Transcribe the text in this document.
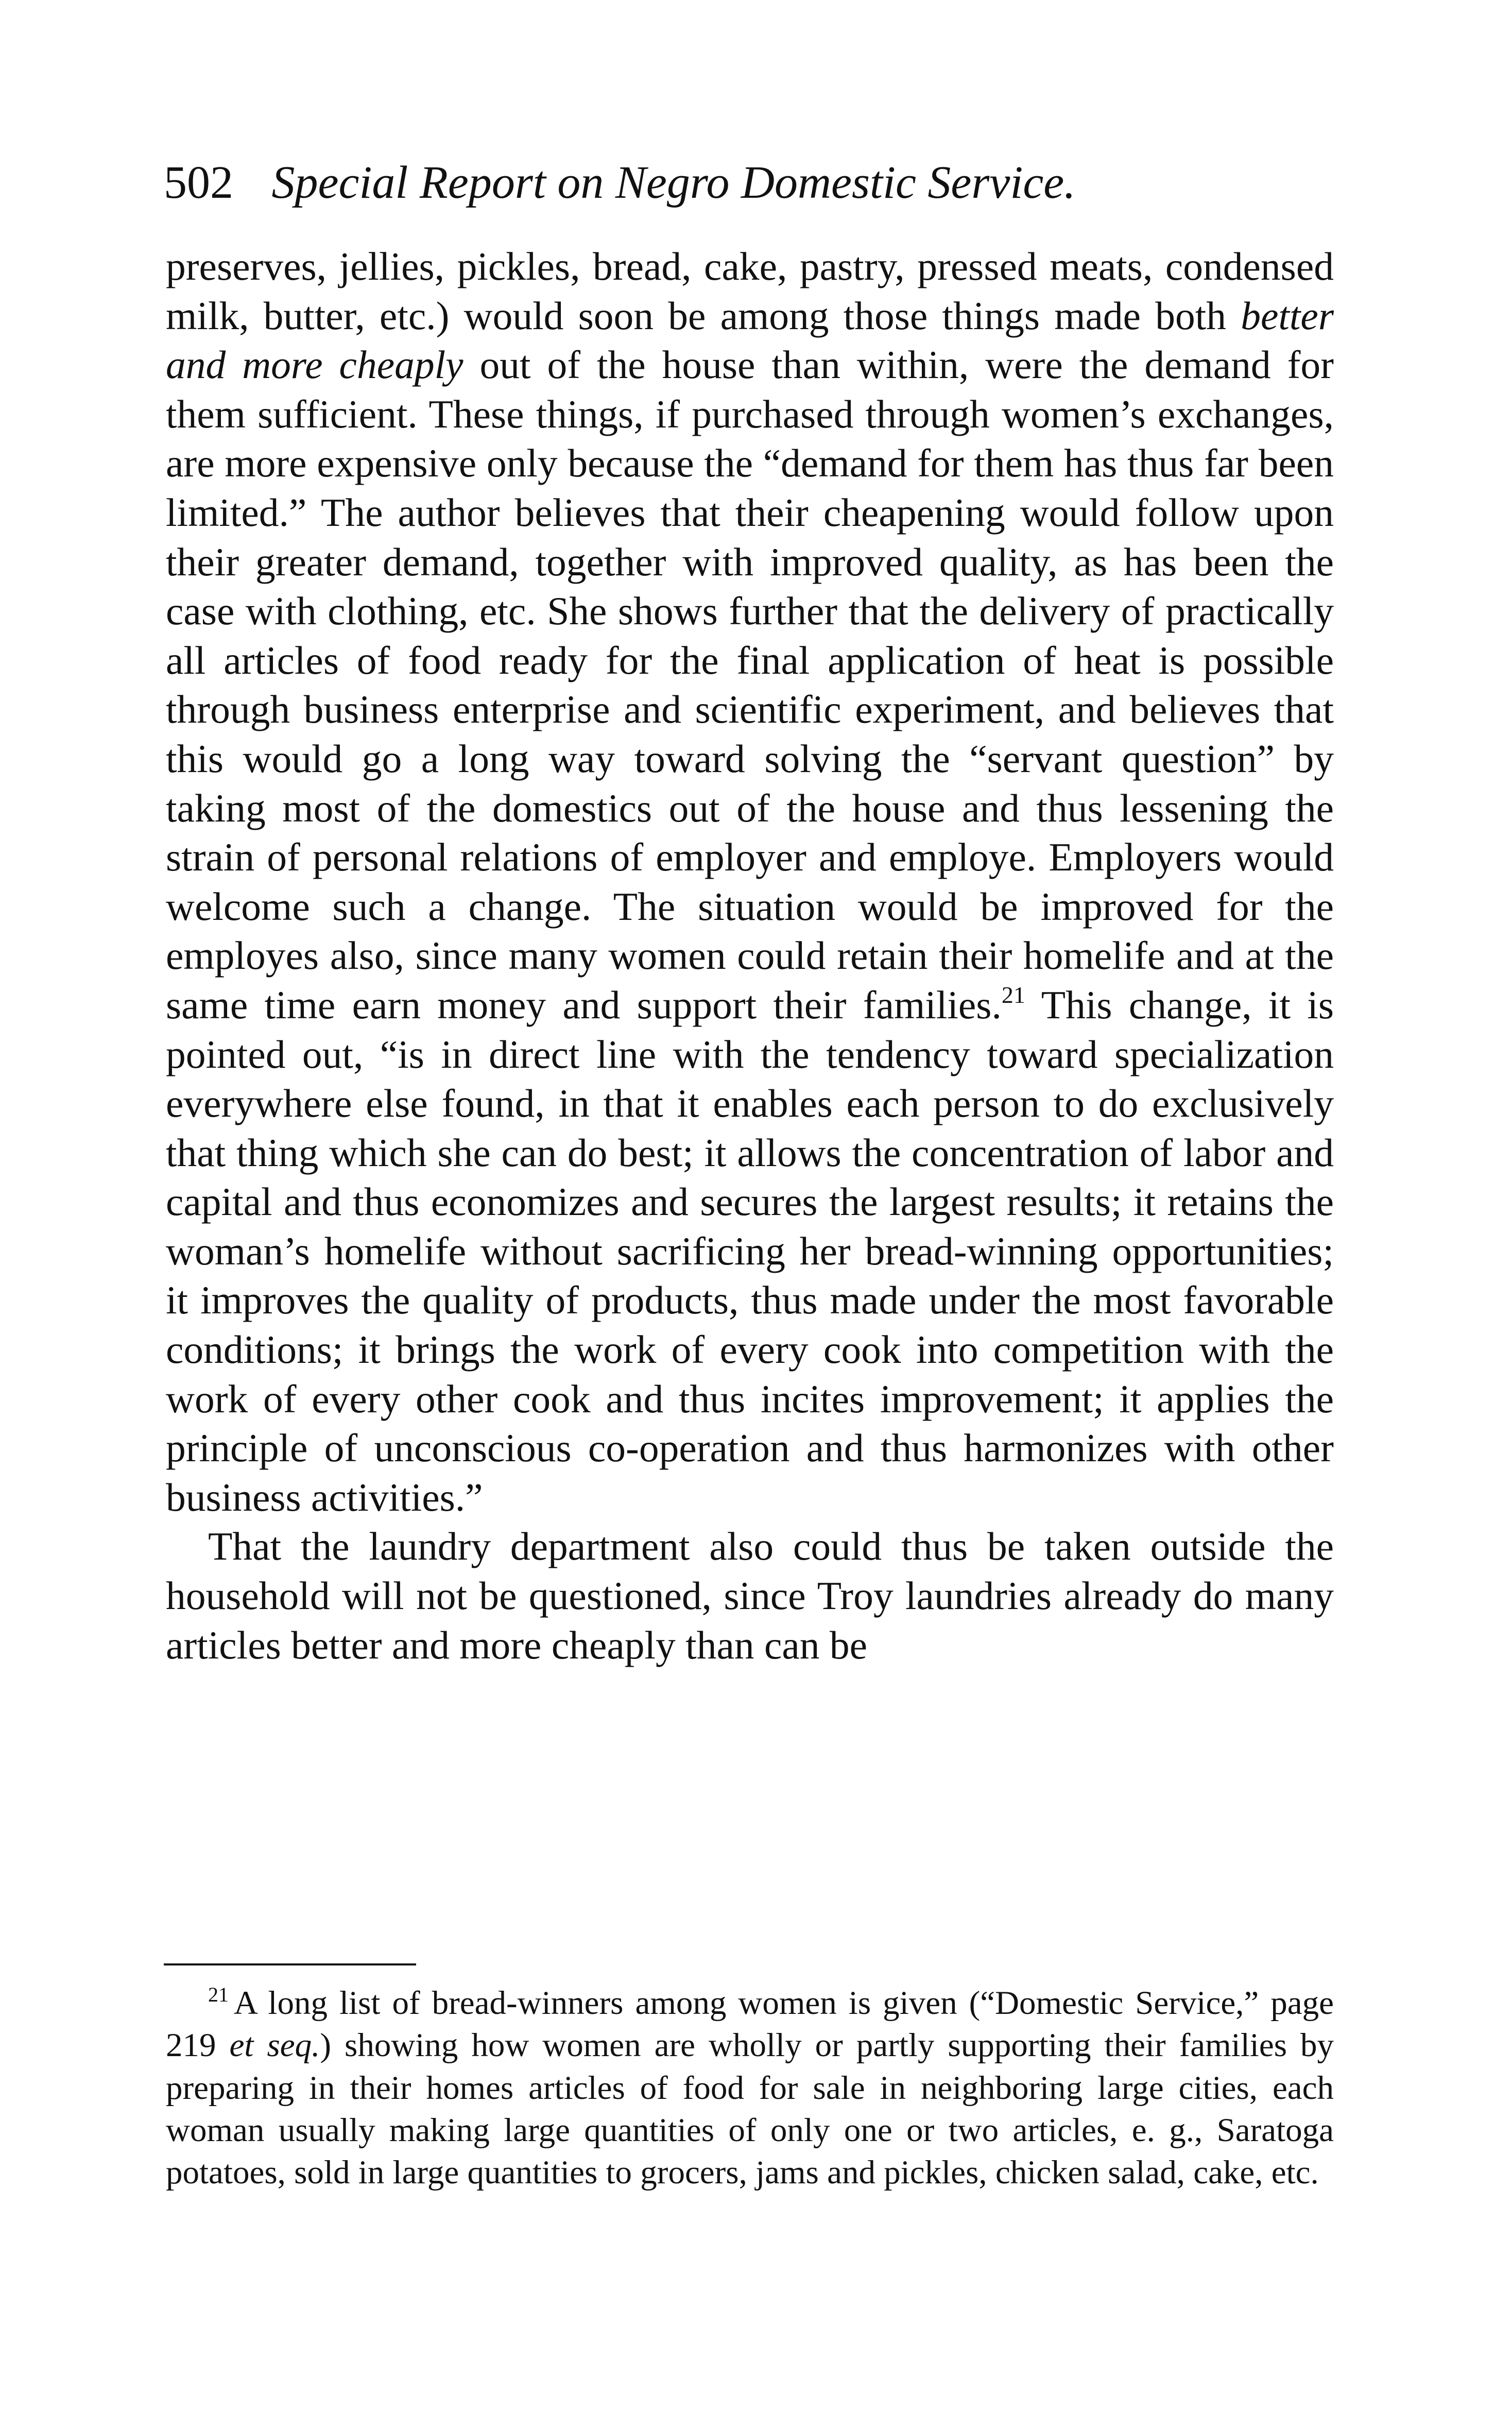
502 Special Report on Negro Domestic Service.

preserves, jellies, pickles, bread, cake, pastry, pressed meats, condensed milk, butter, etc.) would soon be among those things made both better and more cheaply out of the house than within, were the demand for them sufficient. These things, if purchased through women’s exchanges, are more expensive only because the “demand for them has thus far been limited.” The author believes that their cheapening would follow upon their greater demand, together with improved quality, as has been the case with clothing, etc. She shows further that the delivery of practically all articles of food ready for the final application of heat is possible through business enterprise and scientific experiment, and believes that this would go a long way toward solving the “servant question” by taking most of the domestics out of the house and thus lessening the strain of personal relations of employer and employe. Employers would welcome such a change. The situation would be improved for the employes also, since many women could retain their homelife and at the same time earn money and support their families.$^{21}$ This change, it is pointed out, “is in direct line with the tendency toward specialization everywhere else found, in that it enables each person to do exclusively that thing which she can do best; it allows the concentration of labor and capital and thus economizes and secures the largest results; it retains the woman’s homelife without sacrificing her bread-winning opportunities; it improves the quality of products, thus made under the most favorable conditions; it brings the work of every cook into competition with the work of every other cook and thus incites improvement; it applies the principle of unconscious co-operation and thus harmonizes with other business activities.”

That the laundry department also could thus be taken outside the household will not be questioned, since Troy laundries already do many articles better and more cheaply than can be

$^{21}$ A long list of bread-winners among women is given (“Domestic Service,” page 219 et seq.) showing how women are wholly or partly supporting their families by preparing in their homes articles of food for sale in neighboring large cities, each woman usually making large quantities of only one or two articles, e. g., Saratoga potatoes, sold in large quantities to grocers, jams and pickles, chicken salad, cake, etc.
